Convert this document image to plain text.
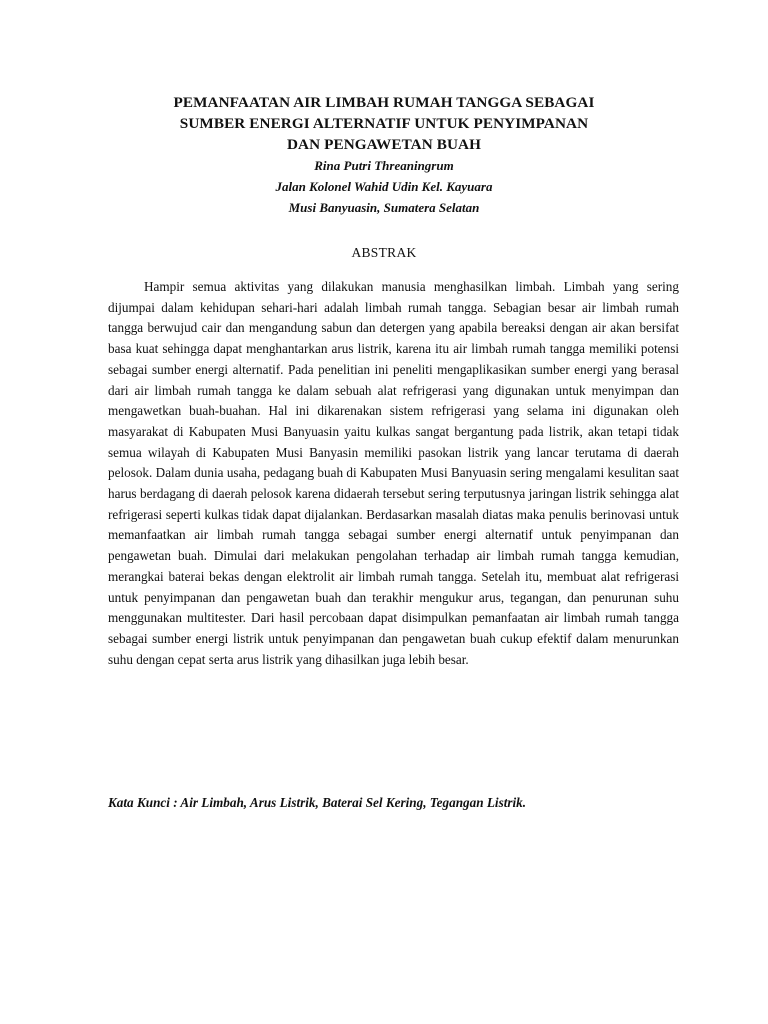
PEMANFAATAN AIR LIMBAH RUMAH TANGGA SEBAGAI
SUMBER ENERGI ALTERNATIF UNTUK PENYIMPANAN
DAN PENGAWETAN BUAH
Rina Putri Threaningrum
Jalan Kolonel Wahid Udin Kel. Kayuara
Musi Banyuasin, Sumatera Selatan
ABSTRAK

Hampir semua aktivitas yang dilakukan manusia menghasilkan limbah. Limbah yang sering dijumpai dalam kehidupan sehari-hari adalah limbah rumah tangga. Sebagian besar air limbah rumah tangga berwujud cair dan mengandung sabun dan detergen yang apabila bereaksi dengan air akan bersifat basa kuat sehingga dapat menghantarkan arus listrik, karena itu air limbah rumah tangga memiliki potensi sebagai sumber energi alternatif. Pada penelitian ini peneliti mengaplikasikan sumber energi yang berasal dari air limbah rumah tangga ke dalam sebuah alat refrigerasi yang digunakan untuk menyimpan dan mengawetkan buah-buahan. Hal ini dikarenakan sistem refrigerasi yang selama ini digunakan oleh masyarakat di Kabupaten Musi Banyuasin yaitu kulkas sangat bergantung pada listrik, akan tetapi tidak semua wilayah di Kabupaten Musi Banyasin memiliki pasokan listrik yang lancar terutama di daerah pelosok. Dalam dunia usaha, pedagang buah di Kabupaten Musi Banyuasin sering mengalami kesulitan saat harus berdagang di daerah pelosok karena didaerah tersebut sering terputusnya jaringan listrik sehingga alat refrigerasi seperti kulkas tidak dapat dijalankan. Berdasarkan masalah diatas maka penulis berinovasi untuk memanfaatkan air limbah rumah tangga sebagai sumber energi alternatif untuk penyimpanan dan pengawetan buah. Dimulai dari melakukan pengolahan terhadap air limbah rumah tangga kemudian, merangkai baterai bekas dengan elektrolit air limbah rumah tangga. Setelah itu, membuat alat refrigerasi untuk penyimpanan dan pengawetan buah dan terakhir mengukur arus, tegangan, dan penurunan suhu menggunakan multitester. Dari hasil percobaan dapat disimpulkan pemanfaatan air limbah rumah tangga sebagai sumber energi listrik untuk penyimpanan dan pengawetan buah cukup efektif dalam menurunkan suhu dengan cepat serta arus listrik yang dihasilkan juga lebih besar.

Kata Kunci : Air Limbah, Arus Listrik, Baterai Sel Kering, Tegangan Listrik.
